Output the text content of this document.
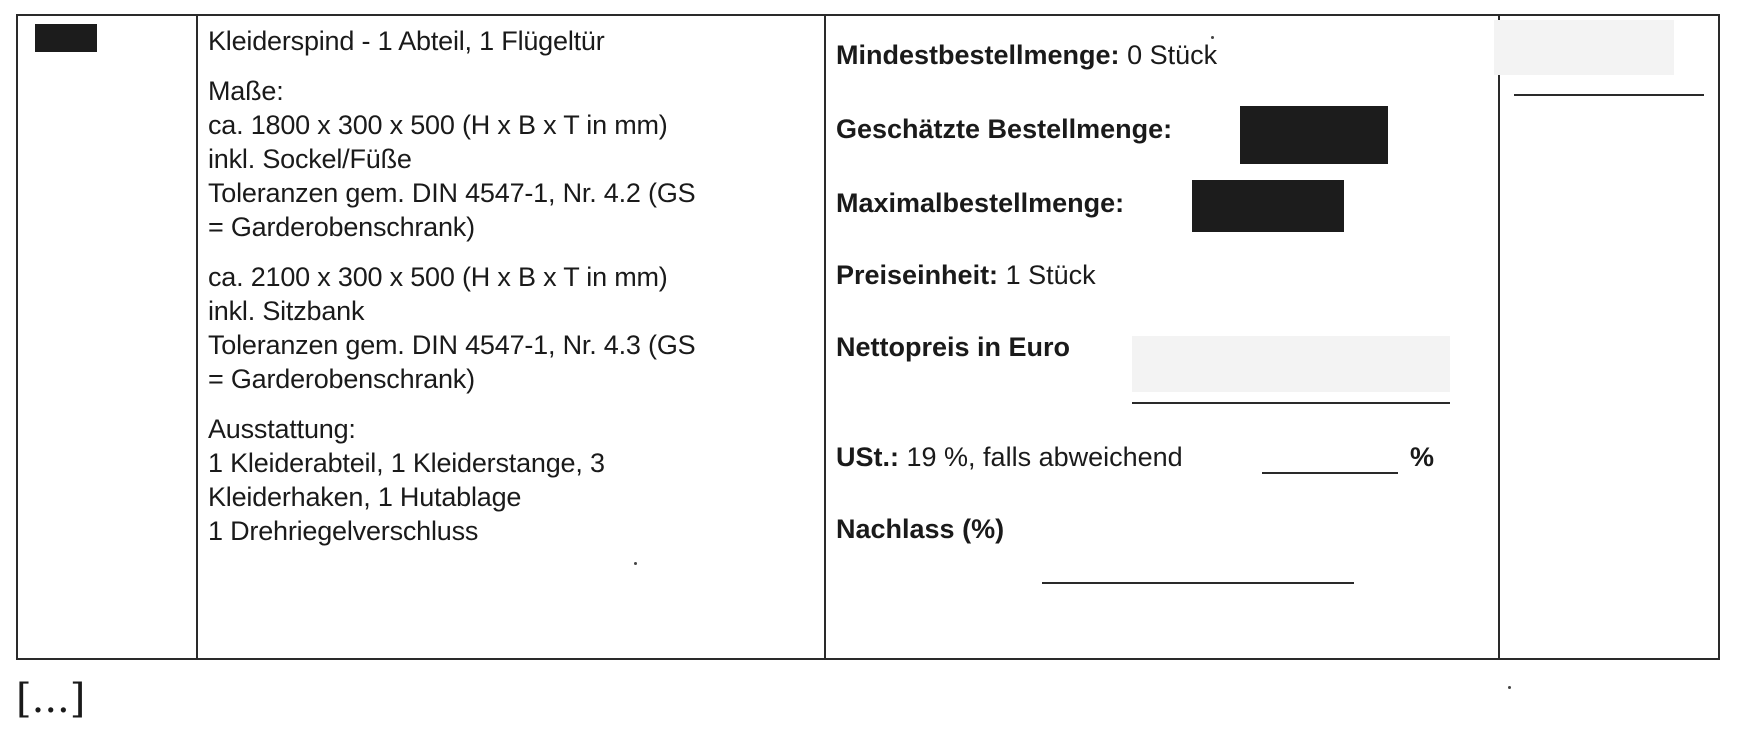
Kleiderspind - 1 Abteil, 1 Flügeltür

Maße:

ca. 1800 x 300 x 500 (H x B x T in mm)

inkl. Sockel/Füße

Toleranzen gem. DIN 4547-1, Nr. 4.2 (GS

= Garderobenschrank)

ca. 2100 x 300 x 500 (H x B x T in mm)

inkl. Sitzbank

Toleranzen gem. DIN 4547-1, Nr. 4.3 (GS

= Garderobenschrank)

Ausstattung:

1 Kleiderabteil, 1 Kleiderstange, 3

Kleiderhaken, 1 Hutablage

1 Drehriegelverschluss

Mindestbestellmenge: 0 Stück
Geschätzte Bestellmenge:
Maximalbestellmenge:
Preiseinheit: 1 Stück
Nettopreis in Euro
USt.: 19 %, falls abweichend	%
Nachlass (%)
[...]
